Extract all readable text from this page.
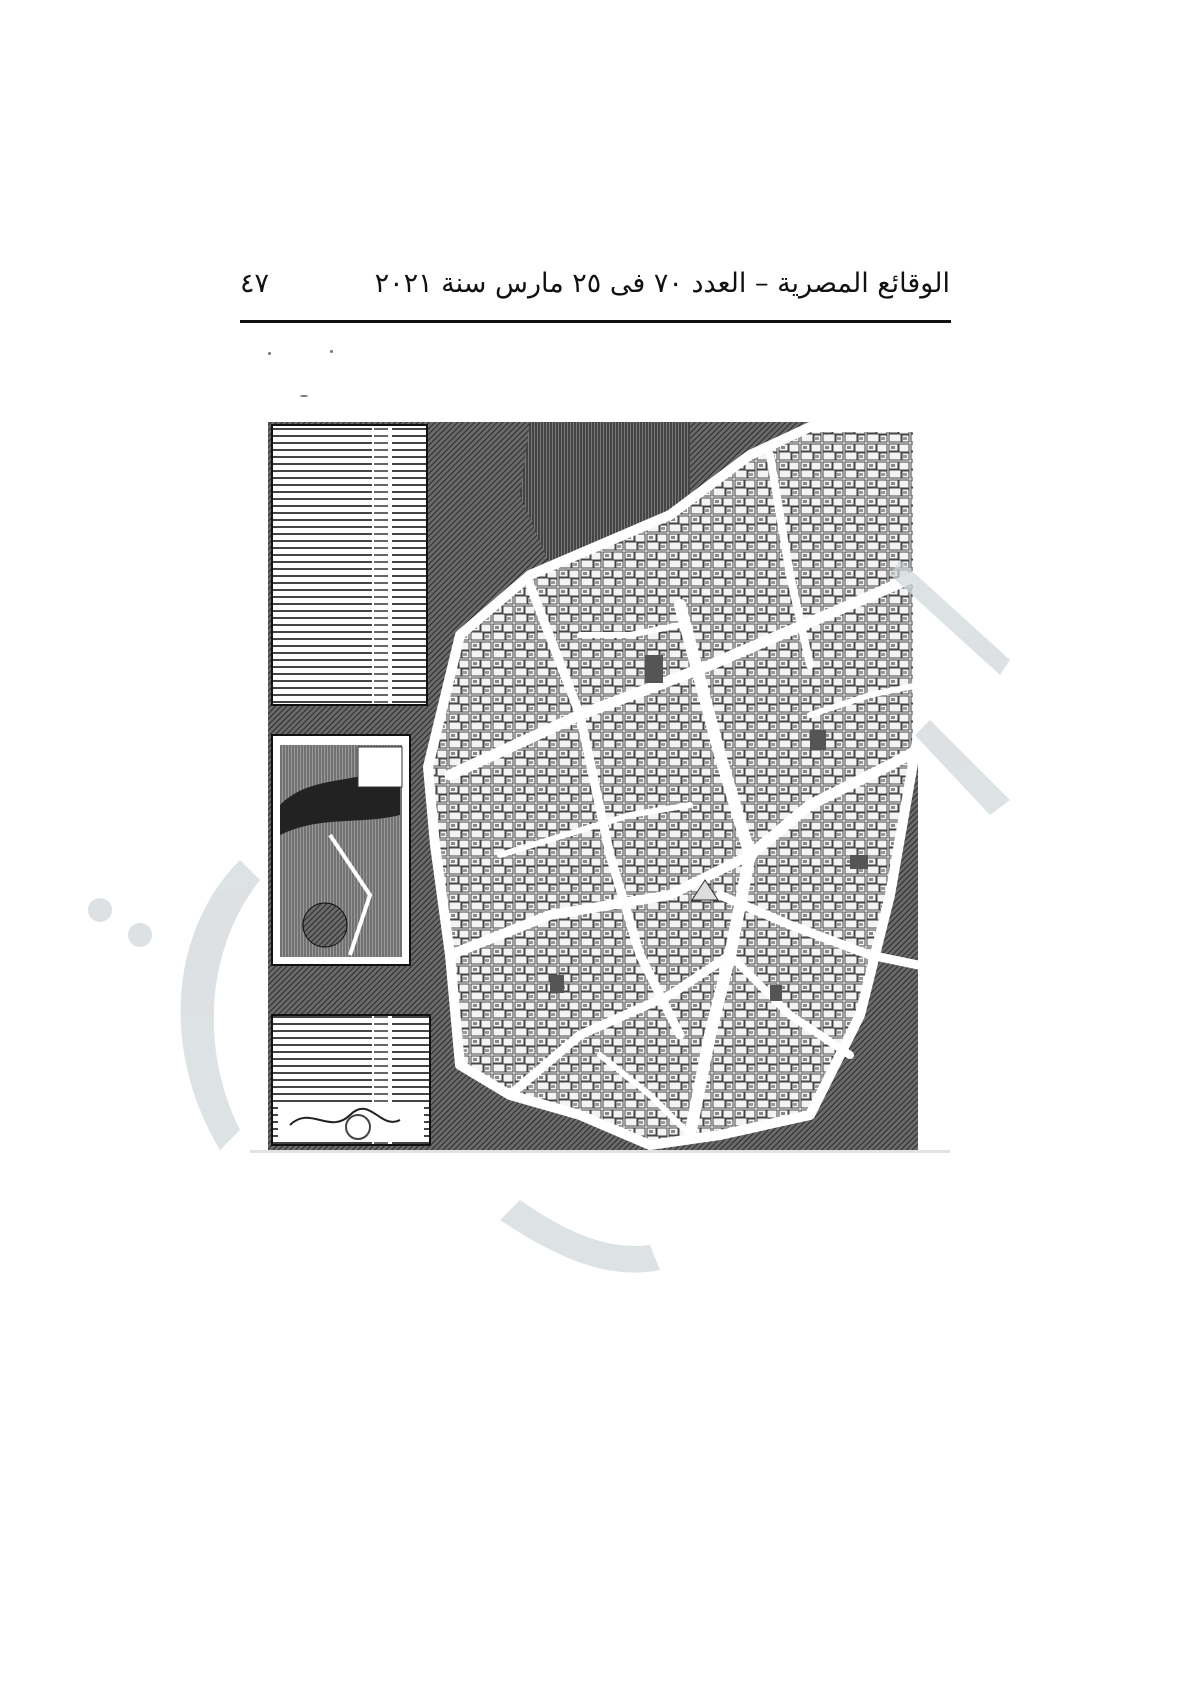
الوقائع المصرية – العدد ٧٠ فى ٢٥ مارس سنة ٢٠٢١
٤٧
